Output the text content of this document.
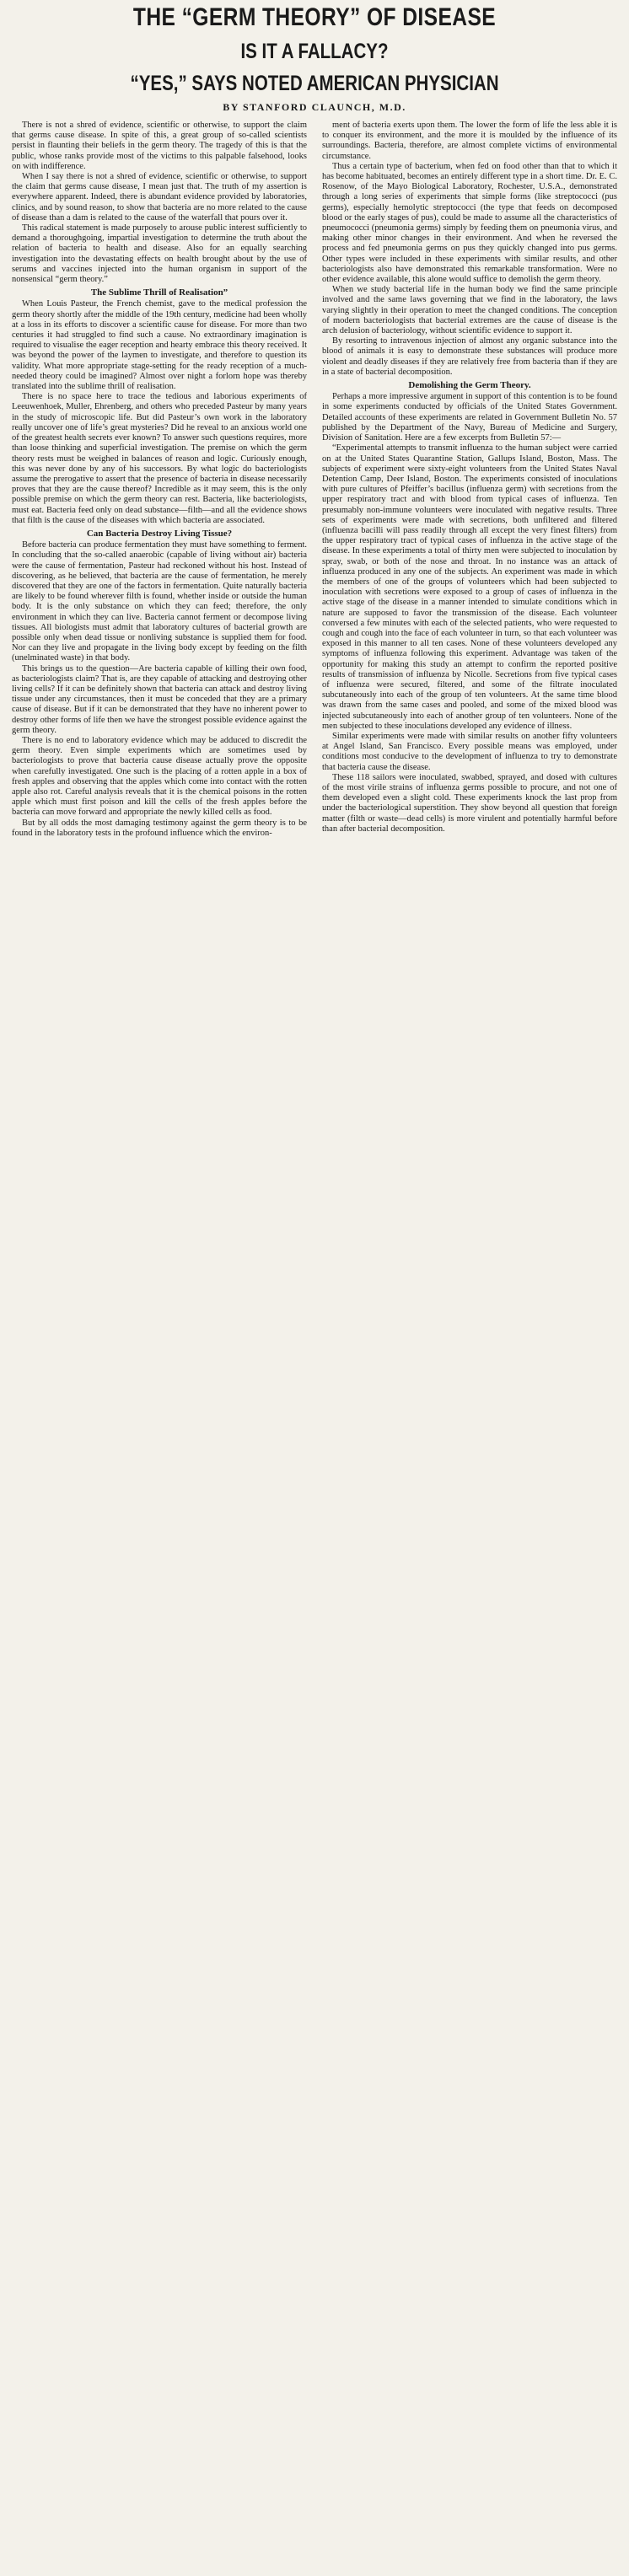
THE “GERM THEORY” OF DISEASE
IS IT A FALLACY?
“YES,” SAYS NOTED AMERICAN PHYSICIAN
BY STANFORD CLAUNCH, M.D.

There is not a shred of evidence, scientific or otherwise, to support the claim that germs cause disease. In spite of this, a great group of so-called scientists persist in flaunting their beliefs in the germ theory. The tragedy of this is that the public, whose ranks provide most of the victims to this palpable falsehood, looks on with indifference.

When I say there is not a shred of evidence, scientific or otherwise, to support the claim that germs cause disease, I mean just that. The truth of my assertion is everywhere apparent. Indeed, there is abundant evidence provided by laboratories, clinics, and by sound reason, to show that bacteria are no more related to the cause of disease than a dam is related to the cause of the waterfall that pours over it.

This radical statement is made purposely to arouse public interest sufficiently to demand a thoroughgoing, impartial investigation to determine the truth about the relation of bacteria to health and disease. Also for an equally searching investigation into the devastating effects on health brought about by the use of serums and vaccines injected into the human organism in support of the nonsensical “germ theory.”

The Sublime Thrill of Realisation”

When Louis Pasteur, the French chemist, gave to the medical profession the germ theory shortly after the middle of the 19th century, medicine had been wholly at a loss in its efforts to discover a scientific cause for disease. For more than two centuries it had struggled to find such a cause. No extraordinary imagination is required to visualise the eager reception and hearty embrace this theory received. It was beyond the power of the laymen to investigate, and therefore to question its validity. What more appropriate stage-setting for the ready reception of a much-needed theory could be imagined? Almost over night a forlorn hope was thereby translated into the sublime thrill of realisation.

There is no space here to trace the tedious and laborious experiments of Leeuwenhoek, Muller, Ehrenberg, and others who preceded Pasteur by many years in the study of microscopic life. But did Pasteur’s own work in the laboratory really uncover one of life’s great mysteries? Did he reveal to an anxious world one of the greatest health secrets ever known? To answer such questions requires, more than loose thinking and superficial investigation. The premise on which the germ theory rests must be weighed in balances of reason and logic. Curiously enough, this was never done by any of his successors. By what logic do bacteriologists assume the prerogative to assert that the presence of bacteria in disease necessarily proves that they are the cause thereof? Incredible as it may seem, this is the only possible premise on which the germ theory can rest. Bacteria, like bacteriologists, must eat. Bacteria feed only on dead substance—filth—and all the evidence shows that filth is the cause of the diseases with which bacteria are associated.

Can Bacteria Destroy Living Tissue?

Before bacteria can produce fermentation they must have something to ferment. In concluding that the so-called anaerobic (capable of living without air) bacteria were the cause of fermentation, Pasteur had reckoned without his host. Instead of discovering, as he believed, that bacteria are the cause of fermentation, he merely discovered that they are one of the factors in fermentation. Quite naturally bacteria are likely to be found wherever filth is found, whether inside or outside the human body. It is the only substance on which they can feed; therefore, the only environment in which they can live. Bacteria cannot ferment or decompose living tissues. All biologists must admit that laboratory cultures of bacterial growth are possible only when dead tissue or nonliving substance is supplied them for food. Nor can they live and propagate in the living body except by feeding on the filth (unelminated waste) in that body.

This brings us to the question—Are bacteria capable of killing their own food, as bacteriologists claim? That is, are they capable of attacking and destroying other living cells? If it can be definitely shown that bacteria can attack and destroy living tissue under any circumstances, then it must be conceded that they are a primary cause of disease. But if it can be demonstrated that they have no inherent power to destroy other forms of life then we have the strongest possible evidence against the germ theory.

There is no end to laboratory evidence which may be adduced to discredit the germ theory. Even simple experiments which are sometimes used by bacteriologists to prove that bacteria cause disease actually prove the opposite when carefully investigated. One such is the placing of a rotten apple in a box of fresh apples and observing that the apples which come into contact with the rotten apple also rot. Careful analysis reveals that it is the chemical poisons in the rotten apple which must first poison and kill the cells of the fresh apples before the bacteria can move forward and appropriate the newly killed cells as food.

But by all odds the most damaging testimony against the germ theory is to be found in the laboratory tests in the profound influence which the environ-

ment of bacteria exerts upon them. The lower the form of life the less able it is to conquer its environment, and the more it is moulded by the influence of its surroundings. Bacteria, therefore, are almost complete victims of environmental circumstance.

Thus a certain type of bacterium, when fed on food other than that to which it has become habituated, becomes an entirely different type in a short time. Dr. E. C. Rosenow, of the Mayo Biological Laboratory, Rochester, U.S.A., demonstrated through a long series of experiments that simple forms (like streptococci (pus germs), especially hemolytic streptococci (the type that feeds on decomposed blood or the early stages of pus), could be made to assume all the characteristics of pneumococci (pneumonia germs) simply by feeding them on pneumonia virus, and making other minor changes in their environment. And when he reversed the process and fed pneumonia germs on pus they quickly changed into pus germs. Other types were included in these experiments with similar results, and other bacteriologists also have demonstrated this remarkable transformation. Were no other evidence available, this alone would suffice to demolish the germ theory.

When we study bacterial life in the human body we find the same principle involved and the same laws governing that we find in the laboratory, the laws varying slightly in their operation to meet the changed conditions. The conception of modern bacteriologists that bacterial extremes are the cause of disease is the arch delusion of bacteriology, without scientific evidence to support it.

By resorting to intravenous injection of almost any organic substance into the blood of animals it is easy to demonstrate these substances will produce more violent and deadly diseases if they are relatively free from bacteria than if they are in a state of bacterial decomposition.

Demolishing the Germ Theory.

Perhaps a more impressive argument in support of this contention is to be found in some experiments conducted by officials of the United States Government. Detailed accounts of these experiments are related in Government Bulletin No. 57 published by the Department of the Navy, Bureau of Medicine and Surgery, Division of Sanitation. Here are a few excerpts from Bulletin 57:—

“Experimental attempts to transmit influenza to the human subject were carried on at the United States Quarantine Station, Gallups Island, Boston, Mass. The subjects of experiment were sixty-eight volunteers from the United States Naval Detention Camp, Deer Island, Boston. The experiments consisted of inoculations with pure cultures of Pfeiffer’s bacillus (influenza germ) with secretions from the upper respiratory tract and with blood from typical cases of influenza. Ten presumably non-immune volunteers were inoculated with negative results. Three sets of experiments were made with secretions, both unfiltered and filtered (influenza bacilli will pass readily through all except the very finest filters) from the upper respiratory tract of typical cases of influenza in the active stage of the disease. In these experiments a total of thirty men were subjected to inoculation by spray, swab, or both of the nose and throat. In no instance was an attack of influenza produced in any one of the subjects. An experiment was made in which the members of one of the groups of volunteers which had been subjected to inoculation with secretions were exposed to a group of cases of influenza in the active stage of the disease in a manner intended to simulate conditions which in nature are supposed to favor the transmission of the disease. Each volunteer conversed a few minutes with each of the selected patients, who were requested to cough and cough into the face of each volunteer in turn, so that each volunteer was exposed in this manner to all ten cases. None of these volunteers developed any symptoms of influenza following this experiment. Advantage was taken of the opportunity for making this study an attempt to confirm the reported positive results of transmission of influenza by Nicolle. Secretions from five typical cases of influenza were secured, filtered, and some of the filtrate inoculated subcutaneously into each of the group of ten volunteers. At the same time blood was drawn from the same cases and pooled, and some of the mixed blood was injected subcutaneously into each of another group of ten volunteers. None of the men subjected to these inoculations developed any evidence of illness.

Similar experiments were made with similar results on another fifty volunteers at Angel Island, San Francisco. Every possible means was employed, under conditions most conducive to the development of influenza to try to demonstrate that bacteria cause the disease.

These 118 sailors were inoculated, swabbed, sprayed, and dosed with cultures of the most virile strains of influenza germs possible to procure, and not one of them developed even a slight cold. These experiments knock the last prop from under the bacteriological superstition. They show beyond all question that foreign matter (filth or waste—dead cells) is more virulent and potentially harmful before than after bacterial decomposition.
